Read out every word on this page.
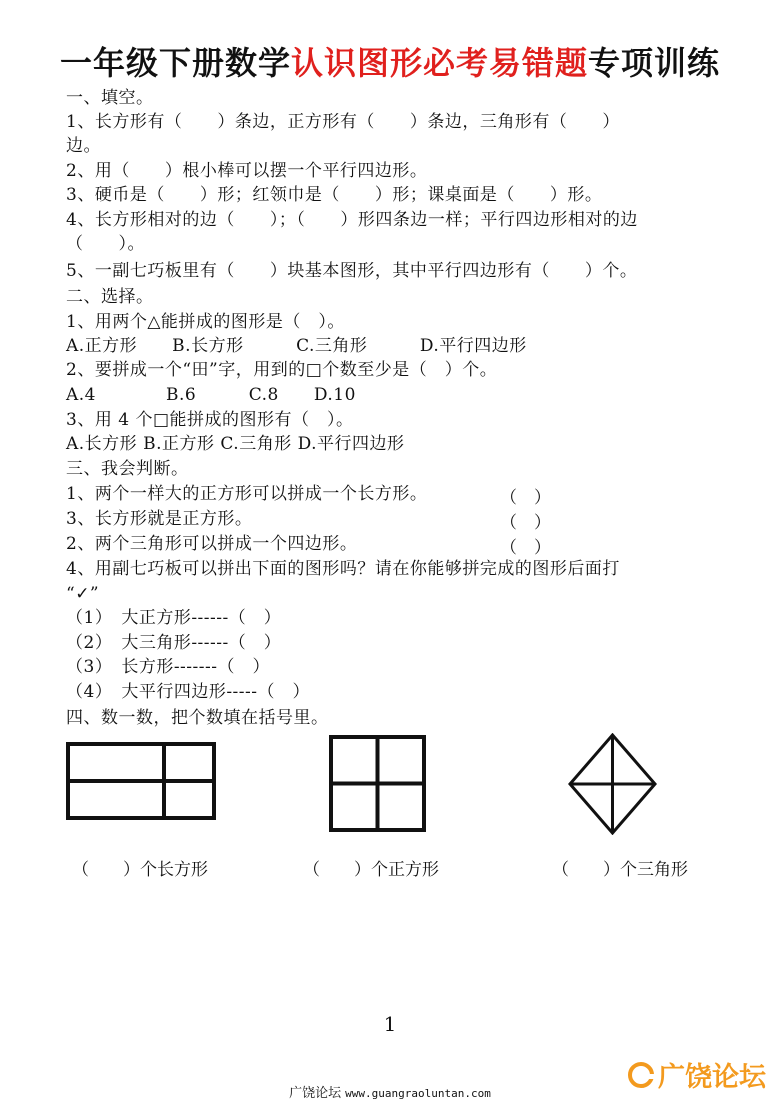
一年级下册数学认识图形必考易错题专项训练
一、填空。
1、长方形有（　　）条边，正方形有（　　）条边，三角形有（　　）
边。
2、用（　　）根小棒可以摆一个平行四边形。
3、硬币是（　　）形；红领巾是（　　）形；课桌面是（　　）形。
4、长方形相对的边（　　）；（　　）形四条边一样；平行四边形相对的边
（　　）。
5、一副七巧板里有（　　）块基本图形，其中平行四边形有（　　）个。
二、选择。
1、用两个△能拼成的图形是（　）。
A.正方形　　B.长方形　　　C.三角形　　　D.平行四边形
2、要拼成一个“田”字，用到的□个数至少是（　）个。
A.4　　　　B.6　　　C.8　　D.10
3、用 4 个□能拼成的图形有（　）。
A.长方形 B.正方形 C.三角形 D.平行四边形
三、我会判断。
1、两个一样大的正方形可以拼成一个长方形。
3、长方形就是正方形。
2、两个三角形可以拼成一个四边形。
4、用副七巧板可以拼出下面的图形吗？请在你能够拼完成的图形后面打
“✓”
（1）　大正方形------（　）
（2）　大三角形------（　）
（3）　长方形-------（　）
（4）　大平行四边形-----（　）
四、数一数，把个数填在括号里。
（　）
（　）
（　）
（　　）个长方形	（　　）个正方形	（　　）个三角形
1
广饶论坛 www.guangraoluntan.com
广饶论坛
